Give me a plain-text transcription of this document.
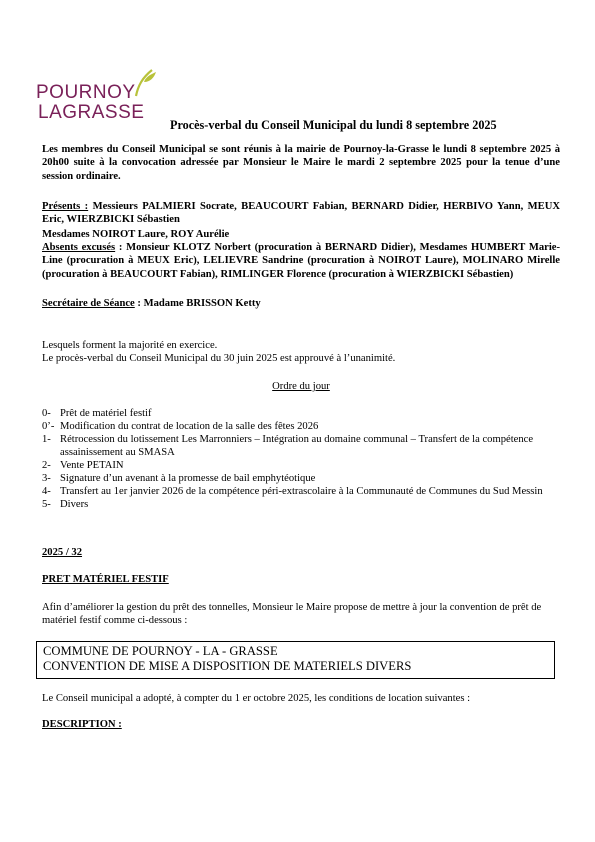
POURNOY
LAGRASSE
Procès-verbal du Conseil Municipal du lundi 8 septembre 2025
Les membres du Conseil Municipal se sont réunis à la mairie de Pournoy-la-Grasse le lundi 8 septembre 2025 à 20h00 suite à la convocation adressée par Monsieur le Maire le mardi 2 septembre 2025 pour la tenue d’une session ordinaire.
Présents : Messieurs PALMIERI Socrate, BEAUCOURT Fabian, BERNARD Didier, HERBIVO Yann, MEUX Eric, WIERZBICKI Sébastien
Mesdames NOIROT Laure, ROY Aurélie
Absents excusés : Monsieur KLOTZ Norbert (procuration à BERNARD Didier), Mesdames HUMBERT Marie-Line (procuration à MEUX Eric), LELIEVRE Sandrine (procuration à NOIROT Laure), MOLINARO Mirelle (procuration à BEAUCOURT Fabian), RIMLINGER Florence (procuration à WIERZBICKI Sébastien)
Secrétaire de Séance : Madame BRISSON Ketty
Lesquels forment la majorité en exercice.
Le procès-verbal du Conseil Municipal du 30 juin 2025 est approuvé à l’unanimité.
Ordre du jour
0- Prêt de matériel festif
0’- Modification du contrat de location de la salle des fêtes 2026
1- Rétrocession du lotissement Les Marronniers – Intégration au domaine communal – Transfert de la compétence assainissement au SMASA
2- Vente PETAIN
3- Signature d’un avenant à la promesse de bail emphytéotique
4- Transfert au 1er janvier 2026 de la compétence péri-extrascolaire à la Communauté de Communes du Sud Messin
5- Divers
2025 / 32
PRET MATÉRIEL FESTIF
Afin d’améliorer la gestion du prêt des tonnelles, Monsieur le Maire propose de mettre à jour la convention de prêt de matériel festif comme ci-dessous :
COMMUNE DE POURNOY - LA - GRASSE
CONVENTION DE MISE A DISPOSITION DE MATERIELS DIVERS
Le Conseil municipal a adopté, à compter du 1 er octobre 2025, les conditions de location suivantes :
DESCRIPTION :
